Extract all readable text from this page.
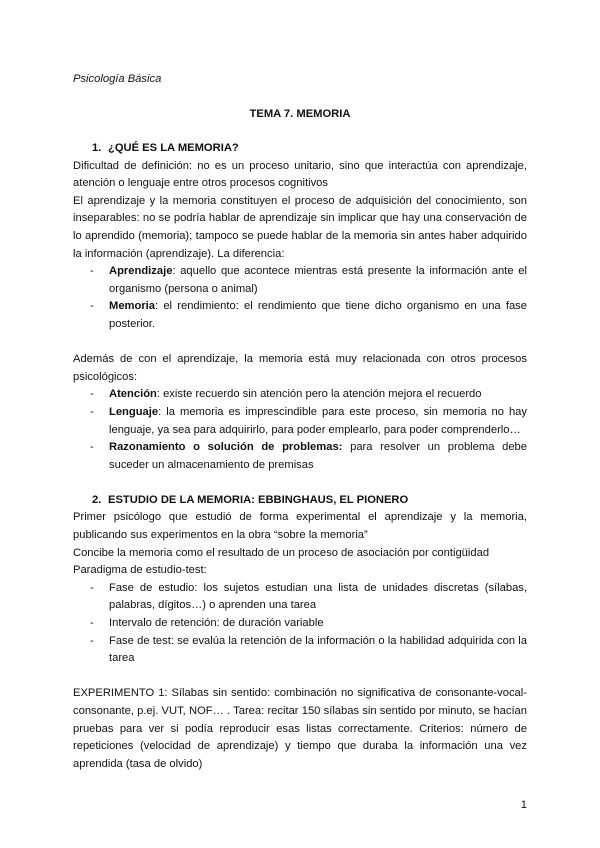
Psicología Básica
TEMA 7. MEMORIA
1. ¿QUÉ ES LA MEMORIA?

Dificultad de definición: no es un proceso unitario, sino que interactúa con aprendizaje, atención o lenguaje entre otros procesos cognitivos

El aprendizaje y la memoria constituyen el proceso de adquisición del conocimiento, son inseparables: no se podría hablar de aprendizaje sin implicar que hay una conservación de lo aprendido (memoria); tampoco se puede hablar de la memoria sin antes haber adquirido la información (aprendizaje). La diferencia:

- Aprendizaje: aquello que acontece mientras está presente la información ante el organismo (persona o animal)
- Memoria: el rendimiento: el rendimiento que tiene dicho organismo en una fase posterior.

Además de con el aprendizaje, la memoria está muy relacionada con otros procesos psicológicos:

- Atención: existe recuerdo sin atención pero la atención mejora el recuerdo
- Lenguaje: la memoria es imprescindible para este proceso, sin memoria no hay lenguaje, ya sea para adquirirlo, para poder emplearlo, para poder comprenderlo…
- Razonamiento o solución de problemas: para resolver un problema debe suceder un almacenamiento de premisas
2. ESTUDIO DE LA MEMORIA: EBBINGHAUS, EL PIONERO

Primer psicólogo que estudió de forma experimental el aprendizaje y la memoria, publicando sus experimentos en la obra “sobre la memoria”

Concibe la memoria como el resultado de un proceso de asociación por contigüidad

Paradigma de estudio-test:

- Fase de estudio: los sujetos estudian una lista de unidades discretas (sílabas, palabras, dígitos…) o aprenden una tarea
- Intervalo de retención: de duración variable
- Fase de test: se evalúa la retención de la información o la habilidad adquirida con la tarea

EXPERIMENTO 1: Sílabas sin sentido: combinación no significativa de consonante-vocal-consonante, p.ej. VUT, NOF… . Tarea: recitar 150 sílabas sin sentido por minuto, se hacían pruebas para ver si podía reproducir esas listas correctamente. Criterios: número de repeticiones (velocidad de aprendizaje) y tiempo que duraba la información una vez aprendida (tasa de olvido)

1
